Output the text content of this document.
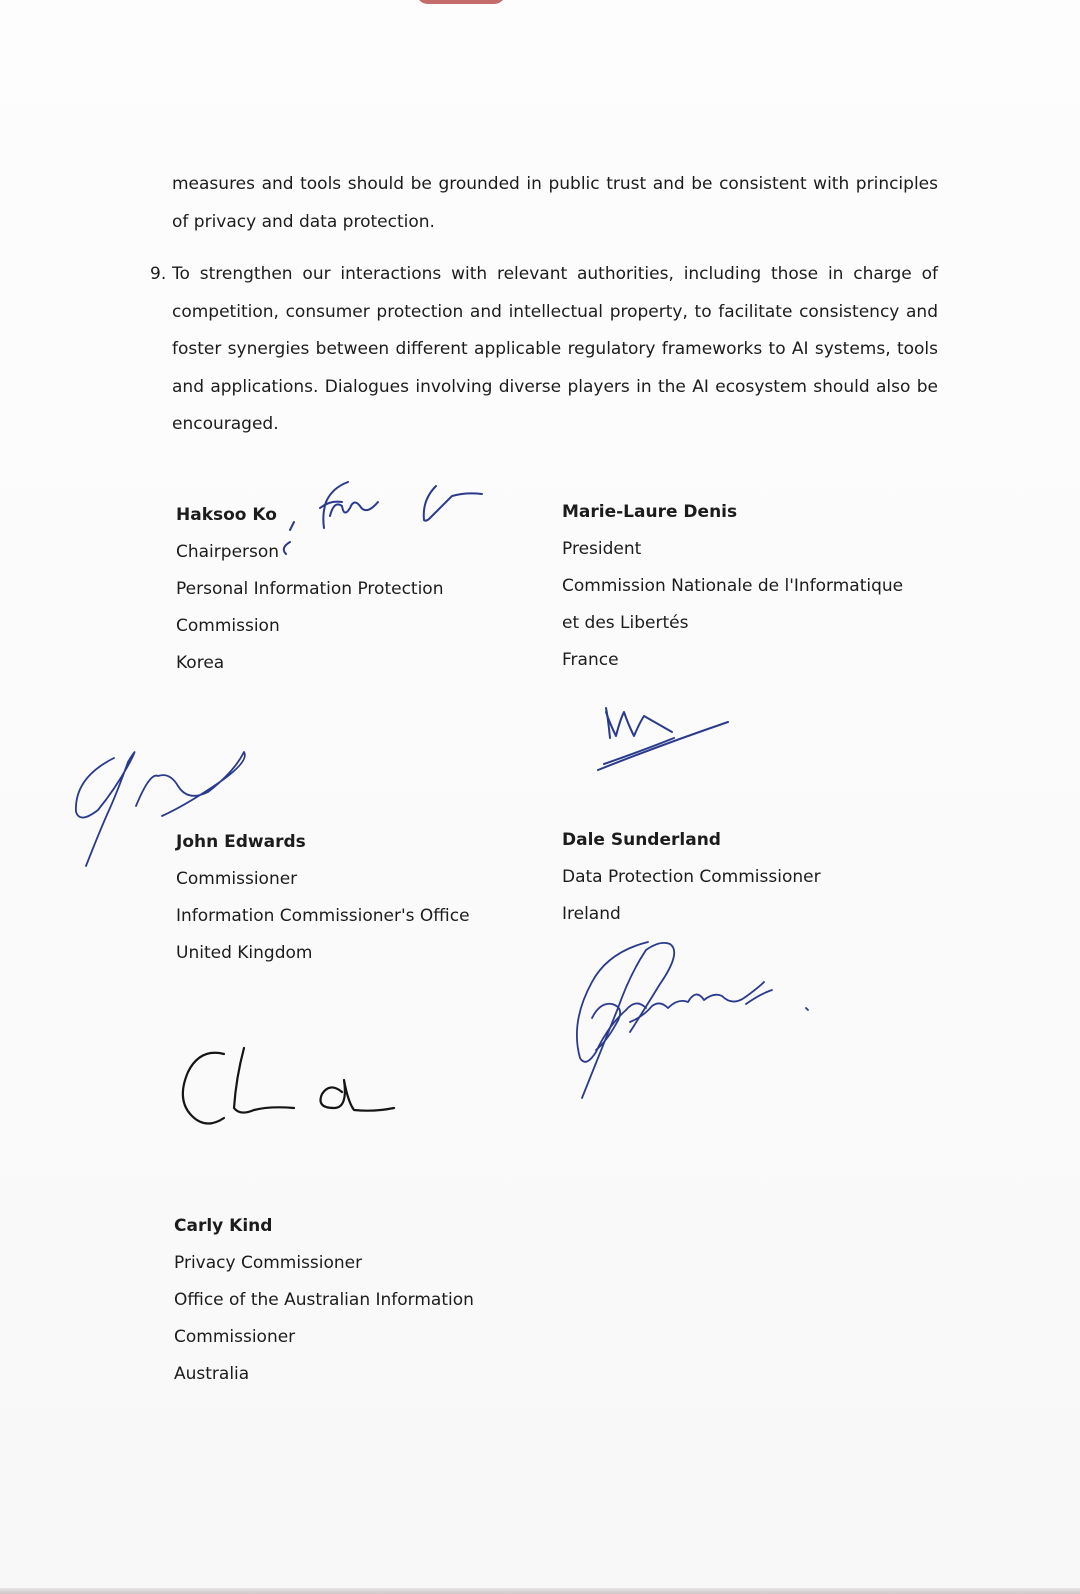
measures and tools should be grounded in public trust and be consistent with principles of privacy and data protection.
9. To strengthen our interactions with relevant authorities, including those in charge of competition, consumer protection and intellectual property, to facilitate consistency and foster synergies between different applicable regulatory frameworks to AI systems, tools and applications. Dialogues involving diverse players in the AI ecosystem should also be encouraged.
Haksoo Ko
Chairperson
Personal Information Protection
Commission
Korea
Marie-Laure Denis
President
Commission Nationale de l'Informatique
et des Libertés
France
John Edwards
Commissioner
Information Commissioner's Office
United Kingdom
Dale Sunderland
Data Protection Commissioner
Ireland
Carly Kind
Privacy Commissioner
Office of the Australian Information
Commissioner
Australia
